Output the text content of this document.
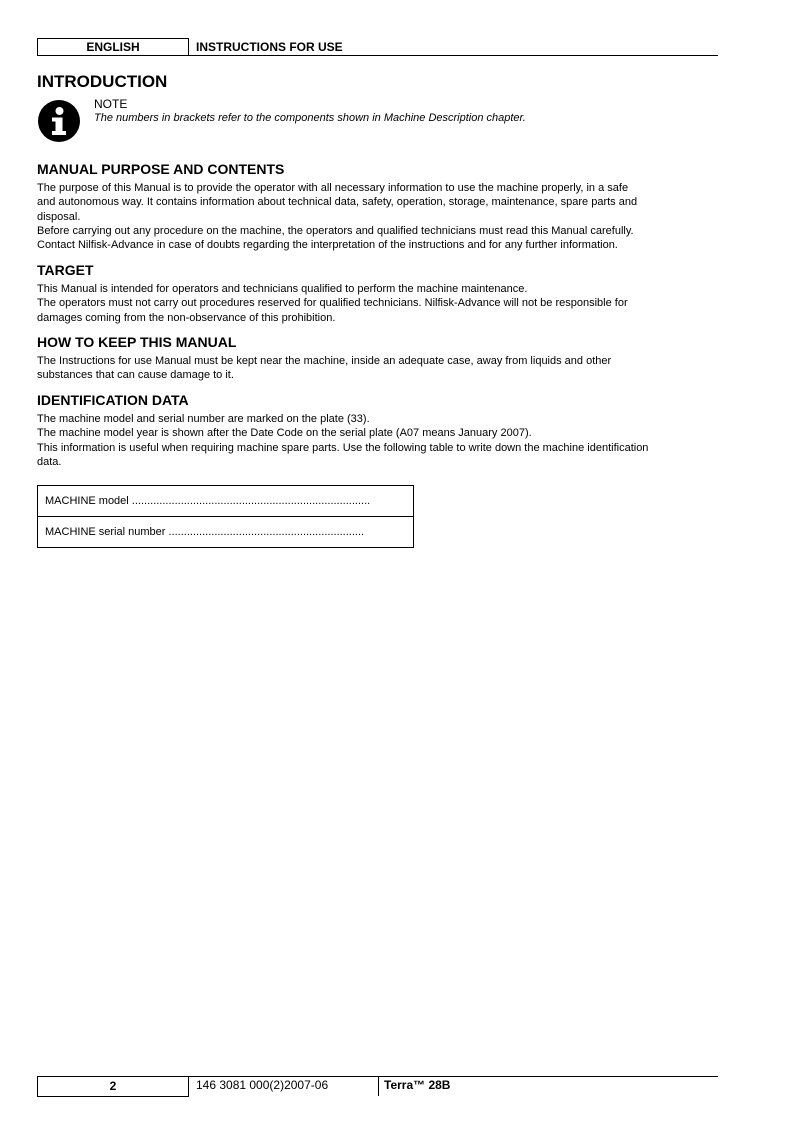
ENGLISH	INSTRUCTIONS FOR USE
INTRODUCTION
NOTE
The numbers in brackets refer to the components shown in Machine Description chapter.
MANUAL PURPOSE AND CONTENTS

The purpose of this Manual is to provide the operator with all necessary information to use the machine properly, in a safe

and autonomous way. It contains information about technical data, safety, operation, storage, maintenance, spare parts and

disposal.

Before carrying out any procedure on the machine, the operators and qualified technicians must read this Manual carefully.

Contact Nilfisk-Advance in case of doubts regarding the interpretation of the instructions and for any further information.

TARGET

This Manual is intended for operators and technicians qualified to perform the machine maintenance.

The operators must not carry out procedures reserved for qualified technicians. Nilfisk-Advance will not be responsible for

damages coming from the non-observance of this prohibition.

HOW TO KEEP THIS MANUAL

The Instructions for use Manual must be kept near the machine, inside an adequate case, away from liquids and other

substances that can cause damage to it.

IDENTIFICATION DATA

The machine model and serial number are marked on the plate (33).

The machine model year is shown after the Date Code on the serial plate (A07 means January 2007).

This information is useful when requiring machine spare parts. Use the following table to write down the machine identification

data.

MACHINE model ..............................................................................
MACHINE serial number ................................................................
2	146 3081 000(2)2007-06	Terra™ 28B
